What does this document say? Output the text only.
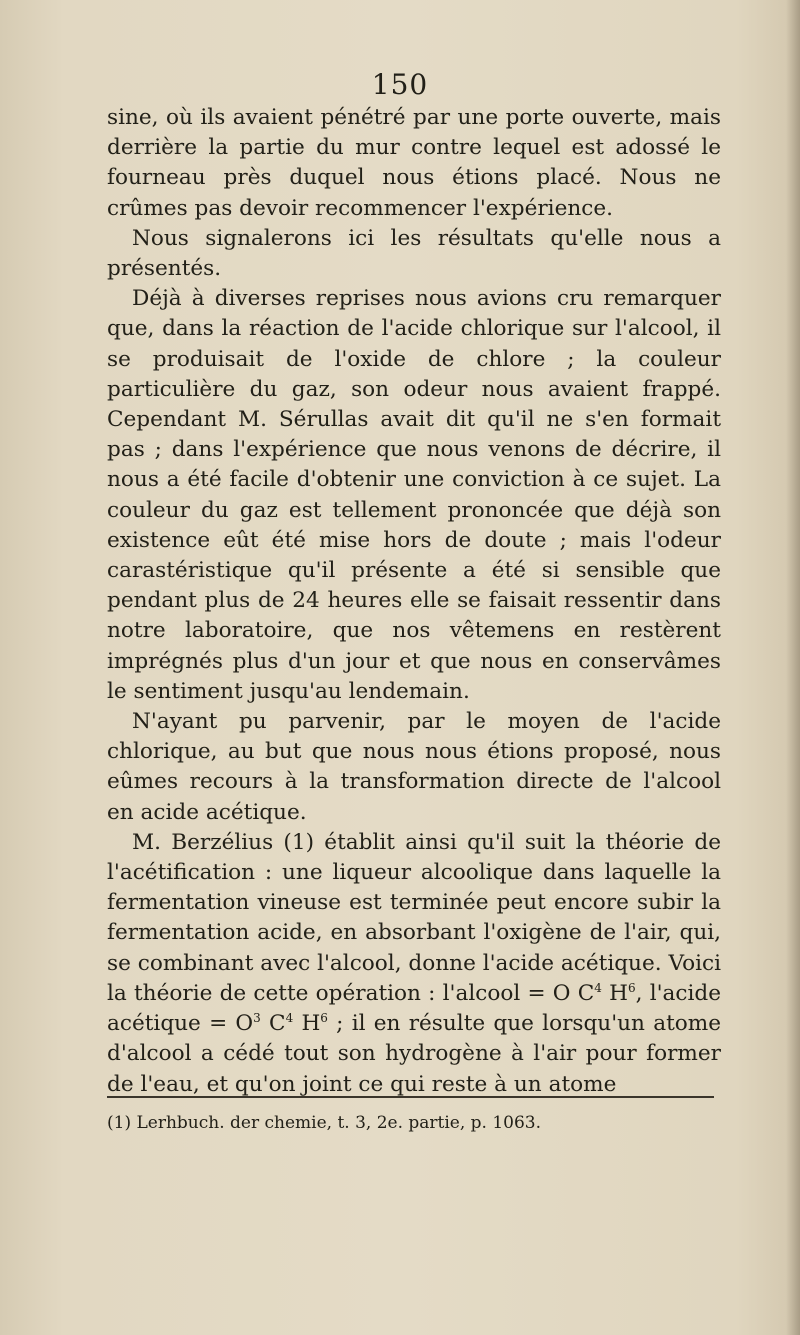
150

sine, où ils avaient pénétré par une porte ouverte, mais derrière la partie du mur contre lequel est adossé le fourneau près duquel nous étions placé. Nous ne crûmes pas devoir recommencer l'expérience.

Nous signalerons ici les résultats qu'elle nous a présentés.

Déjà à diverses reprises nous avions cru remarquer que, dans la réaction de l'acide chlorique sur l'alcool, il se produisait de l'oxide de chlore ; la couleur particulière du gaz, son odeur nous avaient frappé. Cependant M. Sérullas avait dit qu'il ne s'en formait pas ; dans l'expérience que nous venons de décrire, il nous a été facile d'obtenir une conviction à ce sujet. La couleur du gaz est tellement prononcée que déjà son existence eût été mise hors de doute ; mais l'odeur carastéristique qu'il présente a été si sensible que pendant plus de 24 heures elle se faisait ressentir dans notre laboratoire, que nos vêtemens en restèrent imprégnés plus d'un jour et que nous en conservâmes le sentiment jusqu'au lendemain.

N'ayant pu parvenir, par le moyen de l'acide chlorique, au but que nous nous étions proposé, nous eûmes recours à la transformation directe de l'alcool en acide acétique.

M. Berzélius (1) établit ainsi qu'il suit la théorie de l'acétification : une liqueur alcoolique dans laquelle la fermentation vineuse est terminée peut encore subir la fermentation acide, en absorbant l'oxigène de l'air, qui, se combinant avec l'alcool, donne l'acide acétique. Voici la théorie de cette opération : l'alcool = O $C^4$ $H^6$, l'acide acétique = $O^3$ $C^4$ $H^6$ ; il en résulte que lorsqu'un atome d'alcool a cédé tout son hydrogène à l'air pour former de l'eau, et qu'on joint ce qui reste à un atome

(1) Lerhbuch. der chemie, t. 3, 2e. partie, p. 1063.
